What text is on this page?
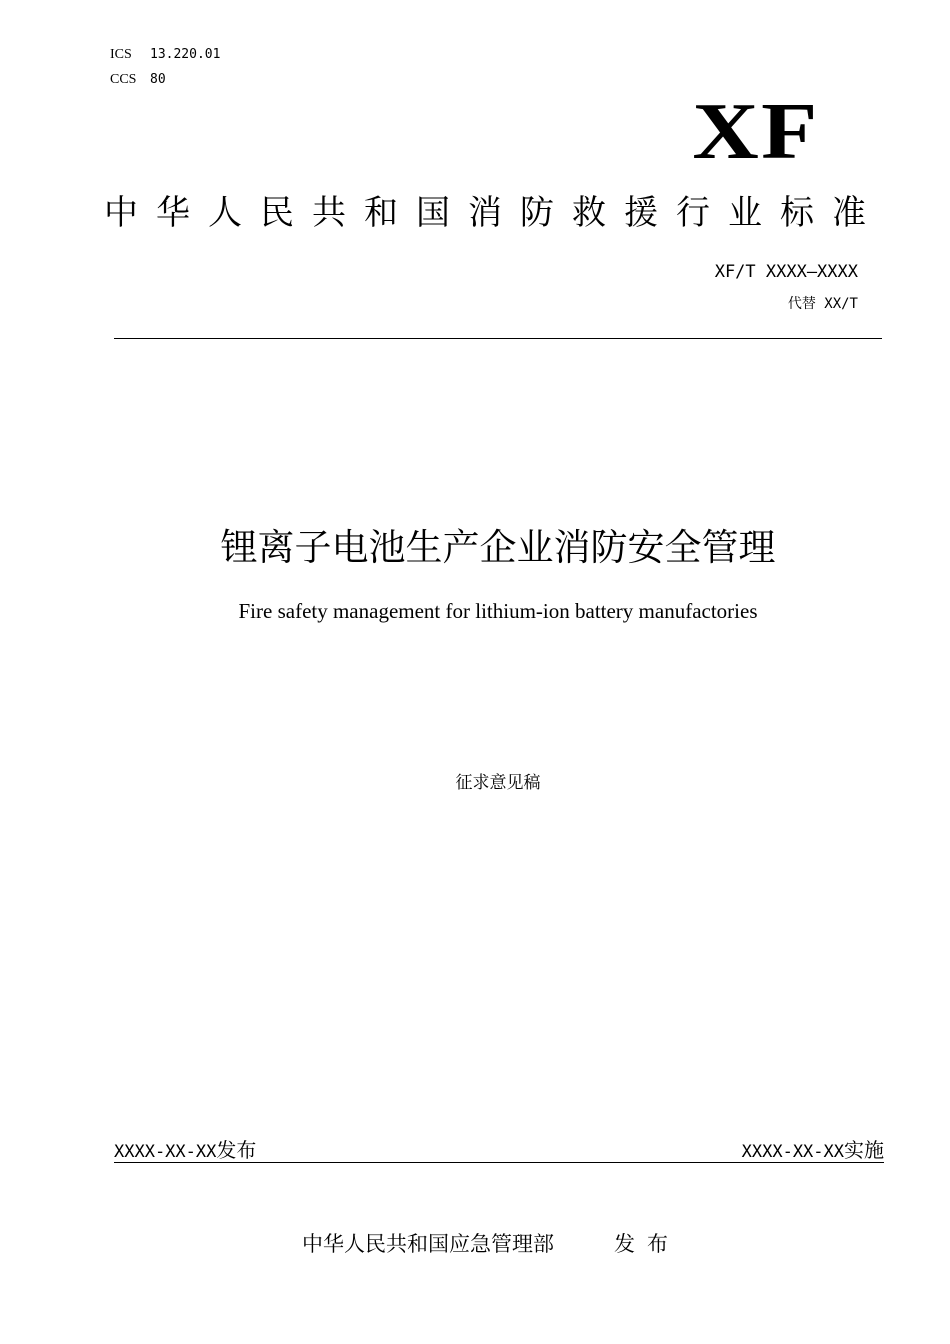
ICS 13.220.01
CCS 80
XF
中华人民共和国消防救援行业标准
XF/T XXXX—XXXX
代替 XX/T
锂离子电池生产企业消防安全管理
Fire safety management for lithium-ion battery manufactories
征求意见稿
XXXX-XX-XX发布	XXXX-XX-XX实施
中华人民共和国应急管理部	发布
